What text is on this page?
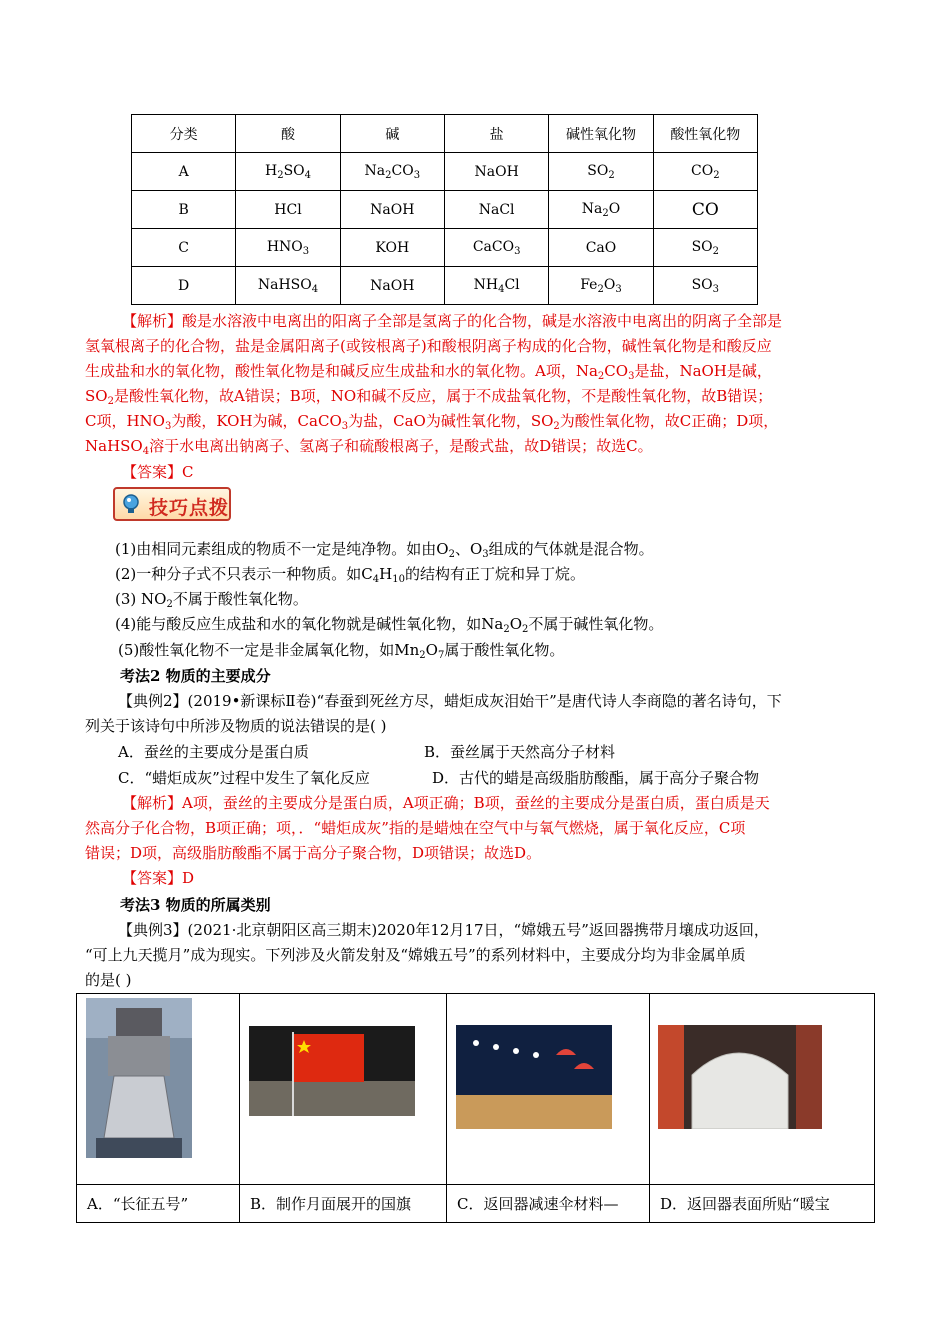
分类	酸	碱	盐	碱性氧化物	酸性氧化物
A	$H_2SO_4$	$Na_2CO_3$	NaOH	$SO_2$	$CO_2$
B	HCl	NaOH	NaCl	$Na_2O$	CO
C	$HNO_3$	KOH	CaCO$_3$	CaO	$SO_2$
D	NaHSO$_4$	NaOH	$NH_4Cl$	$Fe_2O_3$	$SO_3$
【解析】酸是水溶液中电离出的阳离子全部是氢离子的化合物，碱是水溶液中电离出的阴离子全部是
氢氧根离子的化合物，盐是金属阳离子(或铵根离子)和酸根阴离子构成的化合物，碱性氧化物是和酸反应
生成盐和水的氧化物，酸性氧化物是和碱反应生成盐和水的氧化物。A项，$Na_2CO_3$是盐，NaOH是碱，
$SO_2$是酸性氧化物，故A错误；B项，NO和碱不反应，属于不成盐氧化物，不是酸性氧化物，故B错误；
C项，$HNO_3$为酸，KOH为碱，CaCO$_3$为盐，CaO为碱性氧化物，$SO_2$为酸性氧化物，故C正确；D项，
NaHSO$_4$溶于水电离出钠离子、氢离子和硫酸根离子，是酸式盐，故D错误；故选C。
【答案】C
技巧点拨
(1)由相同元素组成的物质不一定是纯净物。如由$O_2$、$O_3$组成的气体就是混合物。
(2)一种分子式不只表示一种物质。如$C_4H_{10}$的结构有正丁烷和异丁烷。
(3) $NO_2$不属于酸性氧化物。
(4)能与酸反应生成盐和水的氧化物就是碱性氧化物，如$Na_2O_2$不属于碱性氧化物。
(5)酸性氧化物不一定是非金属氧化物，如$Mn_2O_7$属于酸性氧化物。
考法2 物质的主要成分
【典例2】(2019•新课标Ⅱ卷)“春蚕到死丝方尽，蜡炬成灰泪始干”是唐代诗人李商隐的著名诗句，下
列关于该诗句中所涉及物质的说法错误的是( )
A．蚕丝的主要成分是蛋白质	B．蚕丝属于天然高分子材料
C．“蜡炬成灰”过程中发生了氧化反应	D．古代的蜡是高级脂肪酸酯，属于高分子聚合物
【解析】A项，蚕丝的主要成分是蛋白质，A项正确；B项，蚕丝的主要成分是蛋白质，蛋白质是天
然高分子化合物，B项正确；项，．“蜡炬成灰”指的是蜡烛在空气中与氧气燃烧，属于氧化反应，C项
错误；D项，高级脂肪酸酯不属于高分子聚合物，D项错误；故选D。
【答案】D
考法3 物质的所属类别
【典例3】(2021·北京朝阳区高三期末)2020年12月17日，“嫦娥五号”返回器携带月壤成功返回，
“可上九天揽月”成为现实。下列涉及火箭发射及“嫦娥五号”的系列材料中，主要成分均为非金属单质
的是( )

A．“长征五号”	B．制作月面展开的国旗	C．返回器减速伞材料—	D．返回器表面所贴“暖宝
